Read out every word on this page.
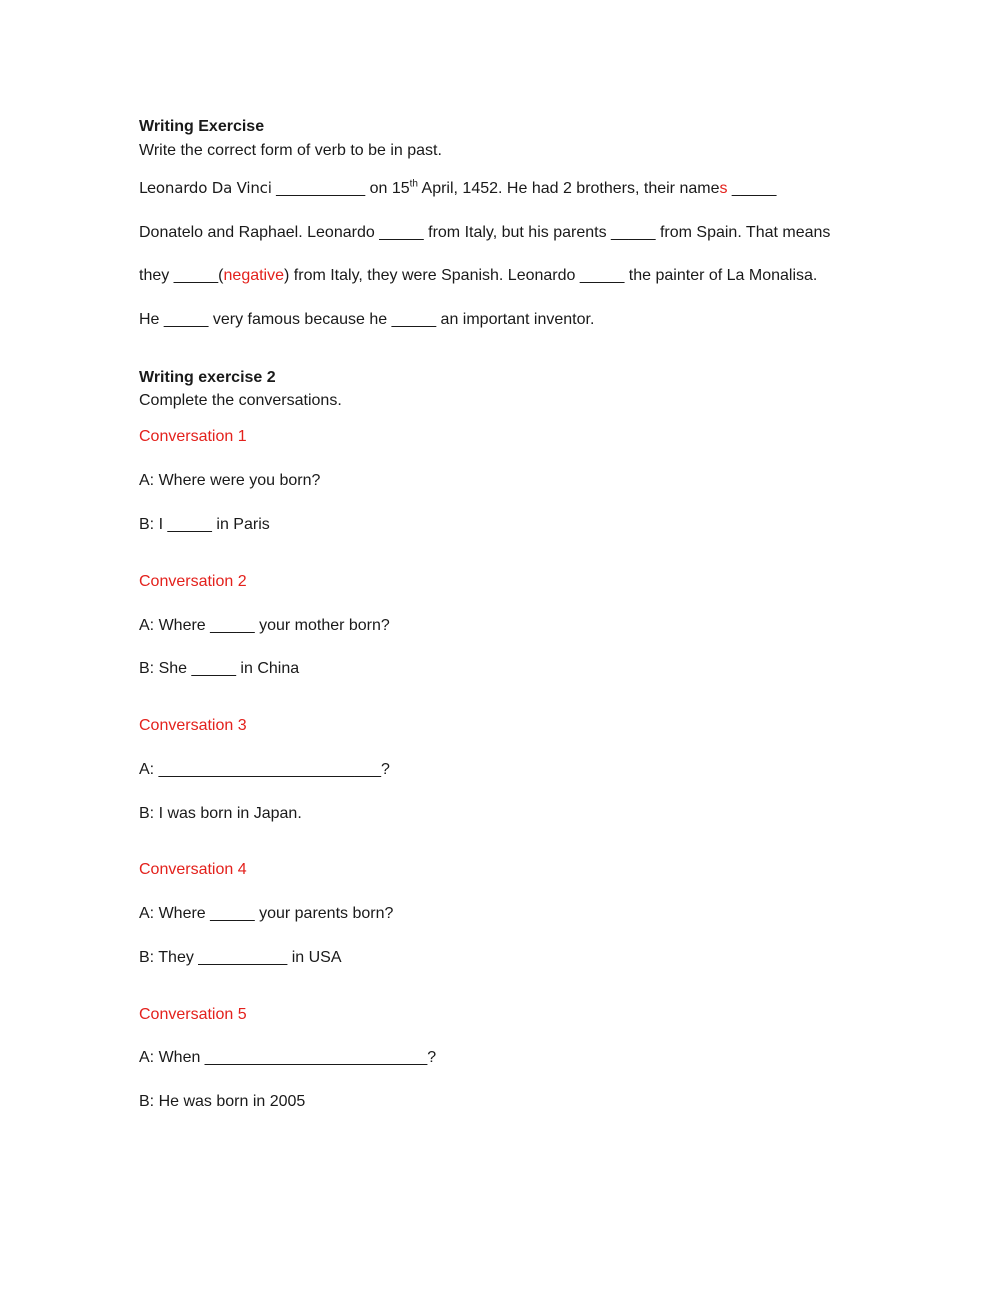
Writing Exercise
Write the correct form of verb to be in past.
Leonardo Da Vinci __________ on 15th April, 1452. He had 2 brothers, their names _____
Donatelo and Raphael. Leonardo _____ from Italy, but his parents _____ from Spain. That means
they _____(negative) from Italy, they were Spanish. Leonardo _____ the painter of La Monalisa.
He _____ very famous because he _____ an important inventor.
Writing exercise 2
Complete the conversations.
Conversation 1
A: Where were you born?
B: I _____ in Paris
Conversation 2
A: Where _____ your mother born?
B: She _____ in China
Conversation 3
A: _________________________?
B: I was born in Japan.
Conversation 4
A: Where _____ your parents born?
B: They __________ in USA
Conversation 5
A: When _________________________?
B: He was born in 2005
